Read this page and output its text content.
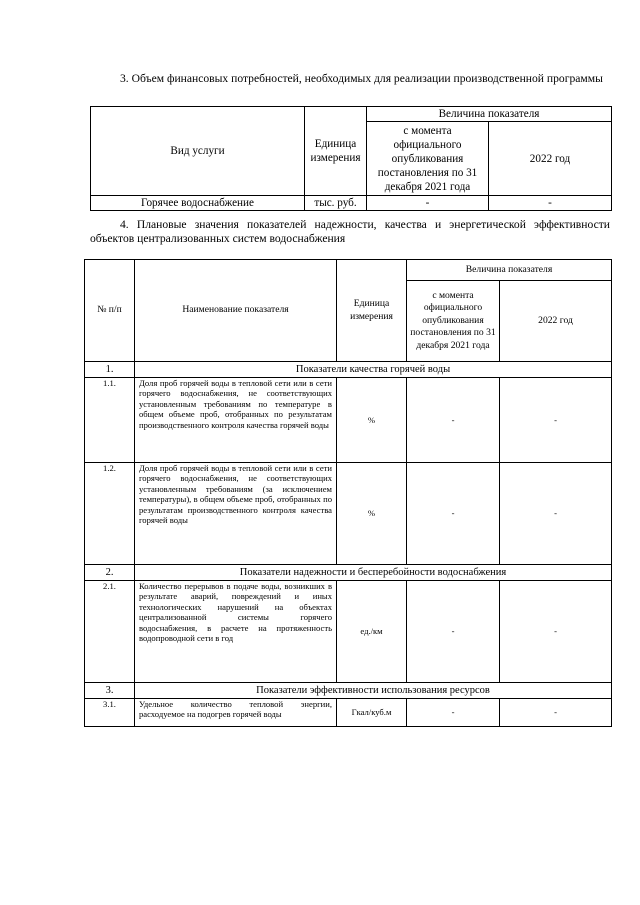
3. Объем финансовых потребностей, необходимых для реализации производственной программы

Вид услуги	Единица измерения	Величина показателя	
		с момента официального опубликования постановления по 31 декабря 2021 года	2022 год
Горячее водоснабжение	тыс. руб.	-	-

4. Плановые значения показателей надежности, качества и энергетической эффективности объектов централизованных систем водоснабжения

№ п/п	Наименование показателя	Единица измерения	Величина показателя	
			с момента официального опубликования постановления по 31 декабря 2021 года	2022 год
1.	Показатели качества горячей воды			
1.1.	Доля проб горячей воды в тепловой сети или в сети горячего водоснабжения, не соответствующих установленным требованиям по температуре в общем объеме проб, отобранных по результатам производственного контроля качества горячей воды	%	-	-
1.2.	Доля проб горячей воды в тепловой сети или в сети горячего водоснабжения, не соответствующих установленным требованиям (за исключением температуры), в общем объеме проб, отобранных по результатам производственного контроля качества горячей воды	%	-	-
2.	Показатели надежности и бесперебойности водоснабжения			
2.1.	Количество перерывов в подаче воды, возникших в результате аварий, повреждений и иных технологических нарушений на объектах централизованной системы горячего водоснабжения, в расчете на протяженность водопроводной сети в год	ед./км	-	-
3.	Показатели эффективности использования ресурсов			
3.1.	Удельное количество тепловой энергии, расходуемое на подогрев горячей воды	Гкал/куб.м	-	-
